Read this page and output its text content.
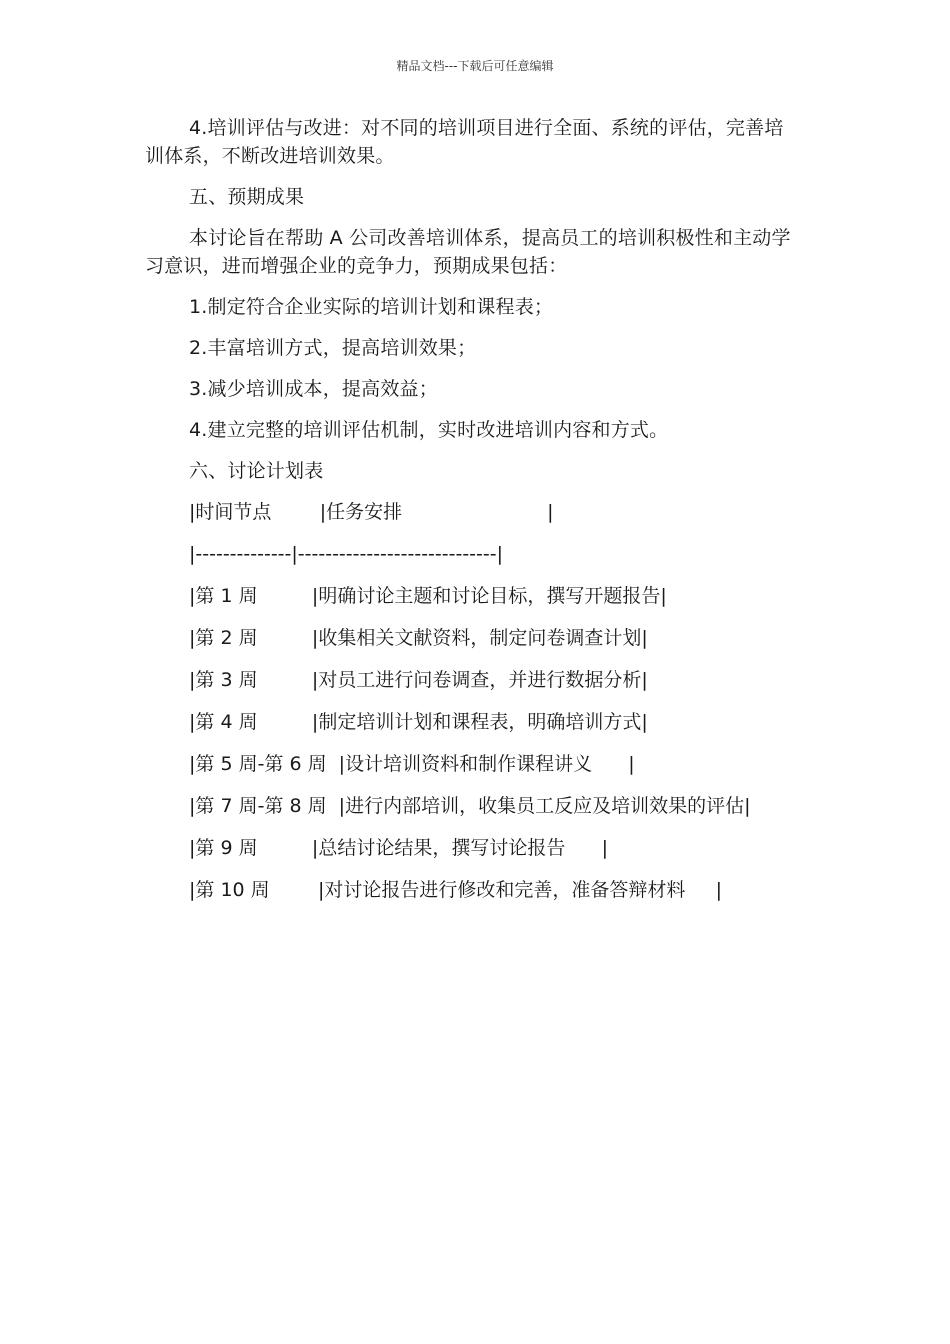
精品文档---下载后可任意编辑

4.培训评估与改进：对不同的培训项目进行全面、系统的评估，完善培训体系，不断改进培训效果。

五、预期成果

本讨论旨在帮助 A 公司改善培训体系，提高员工的培训积极性和主动学习意识，进而增强企业的竞争力，预期成果包括：

1.制定符合企业实际的培训计划和课程表；

2.丰富培训方式，提高培训效果；

3.减少培训成本，提高效益；

4.建立完整的培训评估机制，实时改进培训内容和方式。

六、讨论计划表

|时间节点        |任务安排                        |
|--------------|-----------------------------|
|第 1 周         |明确讨论主题和讨论目标，撰写开题报告|
|第 2 周         |收集相关文献资料，制定问卷调查计划|
|第 3 周         |对员工进行问卷调查，并进行数据分析|
|第 4 周         |制定培训计划和课程表，明确培训方式|
|第 5 周-第 6 周  |设计培训资料和制作课程讲义      |
|第 7 周-第 8 周  |进行内部培训，收集员工反应及培训效果的评估|
|第 9 周         |总结讨论结果，撰写讨论报告      |
|第 10 周        |对讨论报告进行修改和完善，准备答辩材料     |
